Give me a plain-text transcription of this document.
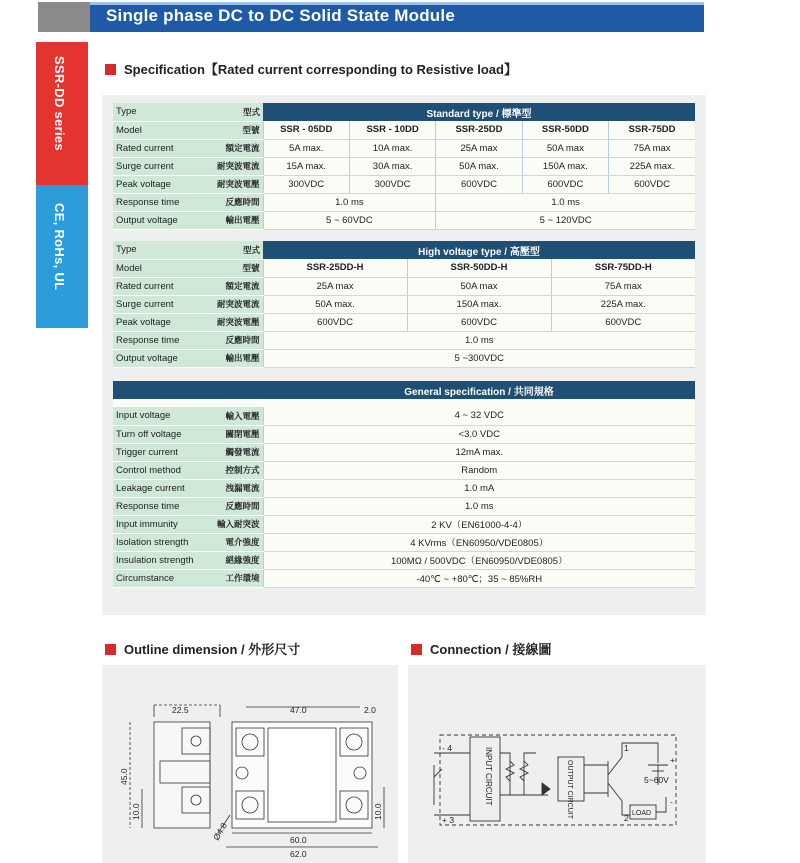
Single phase DC to DC Solid State Module
SSR-DD series
CE, RoHs, UL
Specification【Rated current corresponding to Resistive load】
Type	型式	Standard type / 標準型				
Model	型號	SSR - 05DD	SSR - 10DD	SSR-25DD	SSR-50DD	SSR-75DD
Rated current	額定電流	5A max.	10A max.	25A max	50A max	75A max
Surge current	耐突波電流	15A max.	30A max.	50A max.	150A max.	225A max.
Peak voltage	耐突波電壓	300VDC	300VDC	600VDC	600VDC	600VDC
Response time	反應時間	1.0 ms		1.0 ms		
Output voltage	輸出電壓	5 ~ 60VDC		5 ~ 120VDC		
Type	型式	High voltage type / 高壓型		
Model	型號	SSR-25DD-H	SSR-50DD-H	SSR-75DD-H
Rated current	額定電流	25A max	50A max	75A max
Surge current	耐突波電流	50A max.	150A max.	225A max.
Peak voltage	耐突波電壓	600VDC	600VDC	600VDC
Response time	反應時間	1.0 ms		
Output voltage	輸出電壓	5 ~300VDC		
		General specification / 共同規格

Input voltage	輸入電壓	4 ~ 32 VDC
Turn off voltage	關閉電壓	<3.0 VDC
Trigger current	觸發電流	12mA max.
Control method	控制方式	Random
Leakage current	洩漏電流	1.0 mA
Response time	反應時間	1.0 ms
Input immunity	輸入耐突波	2 KV（EN61000-4-4）
Isolation strength	電介強度	4 KVrms（EN60950/VDE0805）
Insulation strength	絕緣強度	100MΩ / 500VDC（EN60950/VDE0805）
Circumstance	工作環境	-40℃ ~ +80℃；35 ~ 85%RH
Outline dimension / 外形尺寸
22.5	47.0	2.0
45.0
10.0	10.0
Ø4.8	60.0
62.0
Connection / 接線圖
- 4
+ 3
INPUT CIRCUIT	OUTPUT CIRCUIT
1
2
+
-
5~60V
LOAD
